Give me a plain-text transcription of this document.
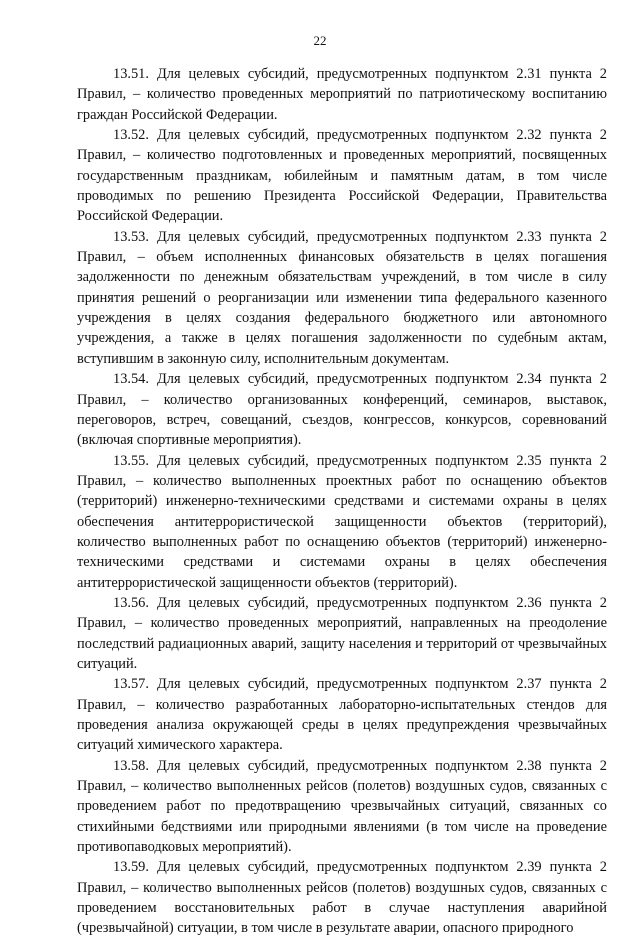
22

13.51. Для целевых субсидий, предусмотренных подпунктом 2.31 пункта 2 Правил, – количество проведенных мероприятий по патриотическому воспитанию граждан Российской Федерации.

13.52. Для целевых субсидий, предусмотренных подпунктом 2.32 пункта 2 Правил, – количество подготовленных и проведенных мероприятий, посвященных государственным праздникам, юбилейным и памятным датам, в том числе проводимых по решению Президента Российской Федерации, Правительства Российской Федерации.

13.53. Для целевых субсидий, предусмотренных подпунктом 2.33 пункта 2 Правил, – объем исполненных финансовых обязательств в целях погашения задолженности по денежным обязательствам учреждений, в том числе в силу принятия решений о реорганизации или изменении типа федерального казенного учреждения в целях создания федерального бюджетного или автономного учреждения, а также в целях погашения задолженности по судебным актам, вступившим в законную силу, исполнительным документам.

13.54. Для целевых субсидий, предусмотренных подпунктом 2.34 пункта 2 Правил, – количество организованных конференций, семинаров, выставок, переговоров, встреч, совещаний, съездов, конгрессов, конкурсов, соревнований (включая спортивные мероприятия).

13.55. Для целевых субсидий, предусмотренных подпунктом 2.35 пункта 2 Правил, – количество выполненных проектных работ по оснащению объектов (территорий) инженерно-техническими средствами и системами охраны в целях обеспечения антитеррористической защищенности объектов (территорий), количество выполненных работ по оснащению объектов (территорий) инженерно-техническими средствами и системами охраны в целях обеспечения антитеррористической защищенности объектов (территорий).

13.56. Для целевых субсидий, предусмотренных подпунктом 2.36 пункта 2 Правил, – количество проведенных мероприятий, направленных на преодоление последствий радиационных аварий, защиту населения и территорий от чрезвычайных ситуаций.

13.57. Для целевых субсидий, предусмотренных подпунктом 2.37 пункта 2 Правил, – количество разработанных лабораторно-испытательных стендов для проведения анализа окружающей среды в целях предупреждения чрезвычайных ситуаций химического характера.

13.58. Для целевых субсидий, предусмотренных подпунктом 2.38 пункта 2 Правил, – количество выполненных рейсов (полетов) воздушных судов, связанных с проведением работ по предотвращению чрезвычайных ситуаций, связанных со стихийными бедствиями или природными явлениями (в том числе на проведение противопаводковых мероприятий).

13.59. Для целевых субсидий, предусмотренных подпунктом 2.39 пункта 2 Правил, – количество выполненных рейсов (полетов) воздушных судов, связанных с проведением восстановительных работ в случае наступления аварийной (чрезвычайной) ситуации, в том числе в результате аварии, опасного природного
